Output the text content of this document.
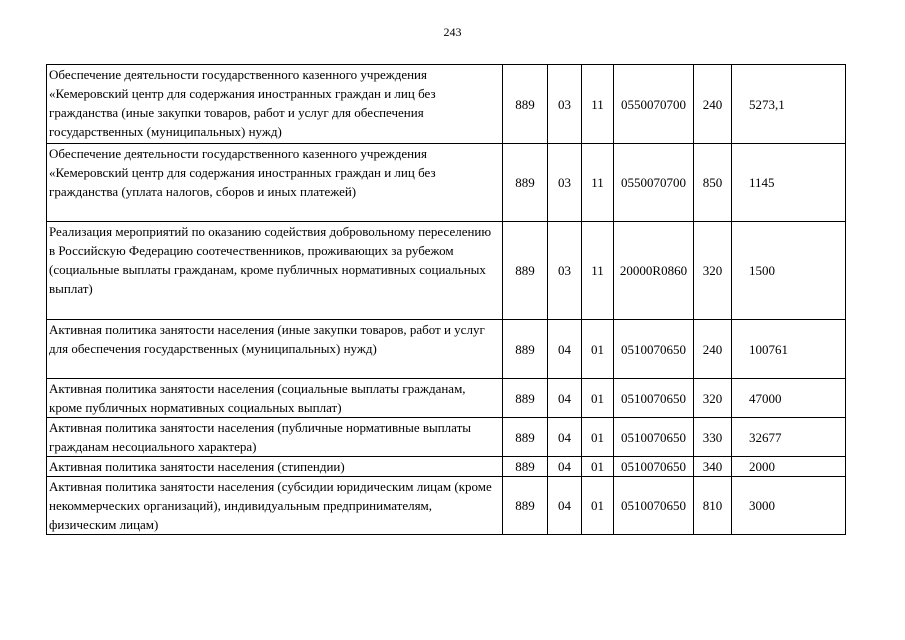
243
Обеспечение деятельности государственного казенного учреждения «Кемеровский центр для содержания иностранных граждан и лиц без гражданства (иные закупки товаров, работ и услуг для обеспечения государственных (муниципальных) нужд)	889	03	11	0550070700	240	5273,1
Обеспечение деятельности государственного казенного учреждения «Кемеровский центр для содержания иностранных граждан и лиц без гражданства (уплата налогов, сборов и иных платежей)	889	03	11	0550070700	850	1145
Реализация мероприятий по оказанию содействия добровольному переселению в Российскую Федерацию соотечественников, проживающих за рубежом (социальные выплаты гражданам, кроме публичных нормативных социальных выплат)	889	03	11	20000R0860	320	1500
Активная политика занятости населения (иные закупки товаров, работ и услуг для обеспечения государственных (муниципальных) нужд)	889	04	01	0510070650	240	100761
Активная политика занятости населения (социальные выплаты гражданам, кроме публичных нормативных социальных выплат)	889	04	01	0510070650	320	47000
Активная политика занятости населения (публичные нормативные выплаты гражданам несоциального характера)	889	04	01	0510070650	330	32677
Активная политика занятости населения (стипендии)	889	04	01	0510070650	340	2000
Активная политика занятости населения (субсидии юридическим лицам (кроме некоммерческих организаций), индивидуальным предпринимателям, физическим лицам)	889	04	01	0510070650	810	3000
